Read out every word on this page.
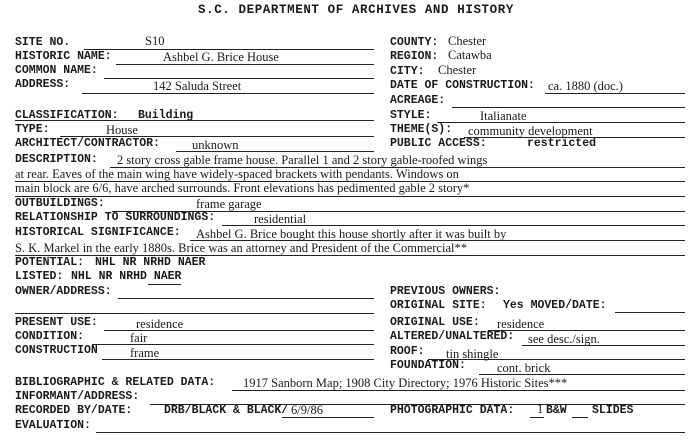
S.C. DEPARTMENT OF ARCHIVES AND HISTORY
SITE NO.	S10
HISTORIC NAME:	Ashbel G. Brice House
COMMON NAME:
ADDRESS:	142 Saluda Street
COUNTY: Chester
REGION: Catawba
CITY: Chester
DATE OF CONSTRUCTION: ca. 1880 (doc.)
ACREAGE:
CLASSIFICATION: Building
TYPE:	House
ARCHITECT/CONTRACTOR:	unknown
STYLE:	Italianate
THEME(S): community development
PUBLIC ACCESS:	restricted
DESCRIPTION: 2 story cross gable frame house. Parallel 1 and 2 story gable-roofed wings
at rear. Eaves of the main wing have widely-spaced brackets with pendants. Windows on
main block are 6/6, have arched surrounds. Front elevations has pedimented gable 2 story*
OUTBUILDINGS:	frame garage
RELATIONSHIP TO SURROUNDINGS:	residential
HISTORICAL SIGNIFICANCE: Ashbel G. Brice bought this house shortly after it was built by
S. K. Markel in the early 1880s. Brice was an attorney and President of the Commercial**
POTENTIAL: NHL NR NRHD NAER
LISTED: NHL NR NRHD NAER
OWNER/ADDRESS:	PREVIOUS OWNERS:
ORIGINAL SITE: Yes MOVED/DATE:
PRESENT USE:	residence
CONDITION:	fair
CONSTRUCTION	frame
ORIGINAL USE: residence
ALTERED/UNALTERED: see desc./sign.
ROOF: tin shingle
FOUNDATION: cont. brick
BIBLIOGRAPHIC & RELATED DATA: 1917 Sanborn Map; 1908 City Directory; 1976 Historic Sites***
INFORMANT/ADDRESS:
RECORDED BY/DATE:	DRB/BLACK & BLACK/ 6/9/86	PHOTOGRAPHIC DATA: 1 B&W SLIDES
EVALUATION:
